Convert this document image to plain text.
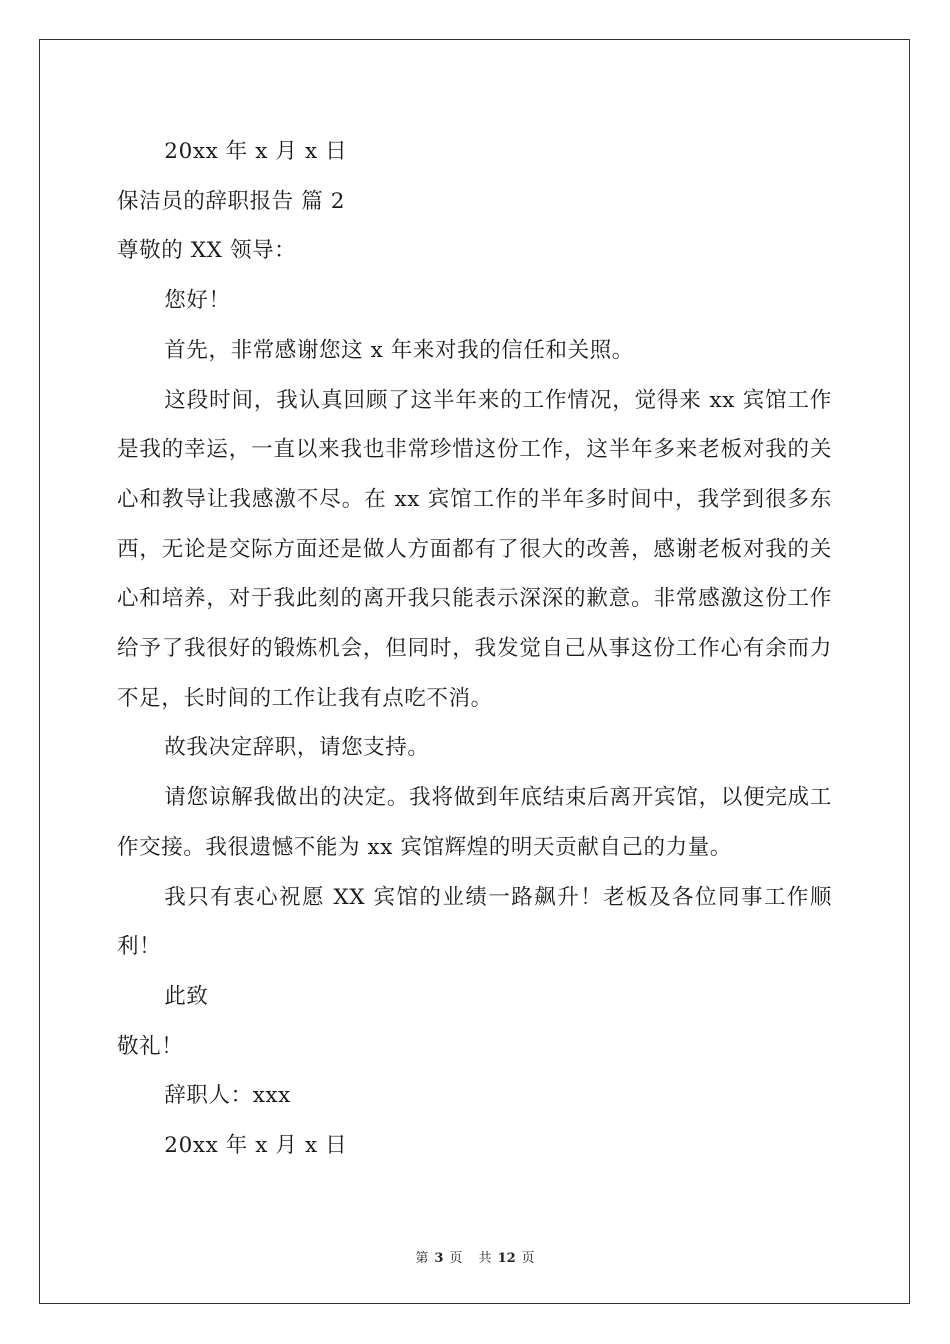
20xx 年 x 月 x 日

保洁员的辞职报告 篇 2

尊敬的 XX 领导：

您好！

首先，非常感谢您这 x 年来对我的信任和关照。

这段时间，我认真回顾了这半年来的工作情况，觉得来 xx 宾馆工作是我的幸运，一直以来我也非常珍惜这份工作，这半年多来老板对我的关心和教导让我感激不尽。在 xx 宾馆工作的半年多时间中，我学到很多东西，无论是交际方面还是做人方面都有了很大的改善，感谢老板对我的关心和培养，对于我此刻的离开我只能表示深深的歉意。非常感激这份工作给予了我很好的锻炼机会，但同时，我发觉自己从事这份工作心有余而力不足，长时间的工作让我有点吃不消。

故我决定辞职，请您支持。

请您谅解我做出的决定。我将做到年底结束后离开宾馆，以便完成工作交接。我很遗憾不能为 xx 宾馆辉煌的明天贡献自己的力量。

我只有衷心祝愿 XX 宾馆的业绩一路飙升！老板及各位同事工作顺利！

此致

敬礼！

辞职人：xxx

20xx 年 x 月 x 日

第 3 页 共 12 页
